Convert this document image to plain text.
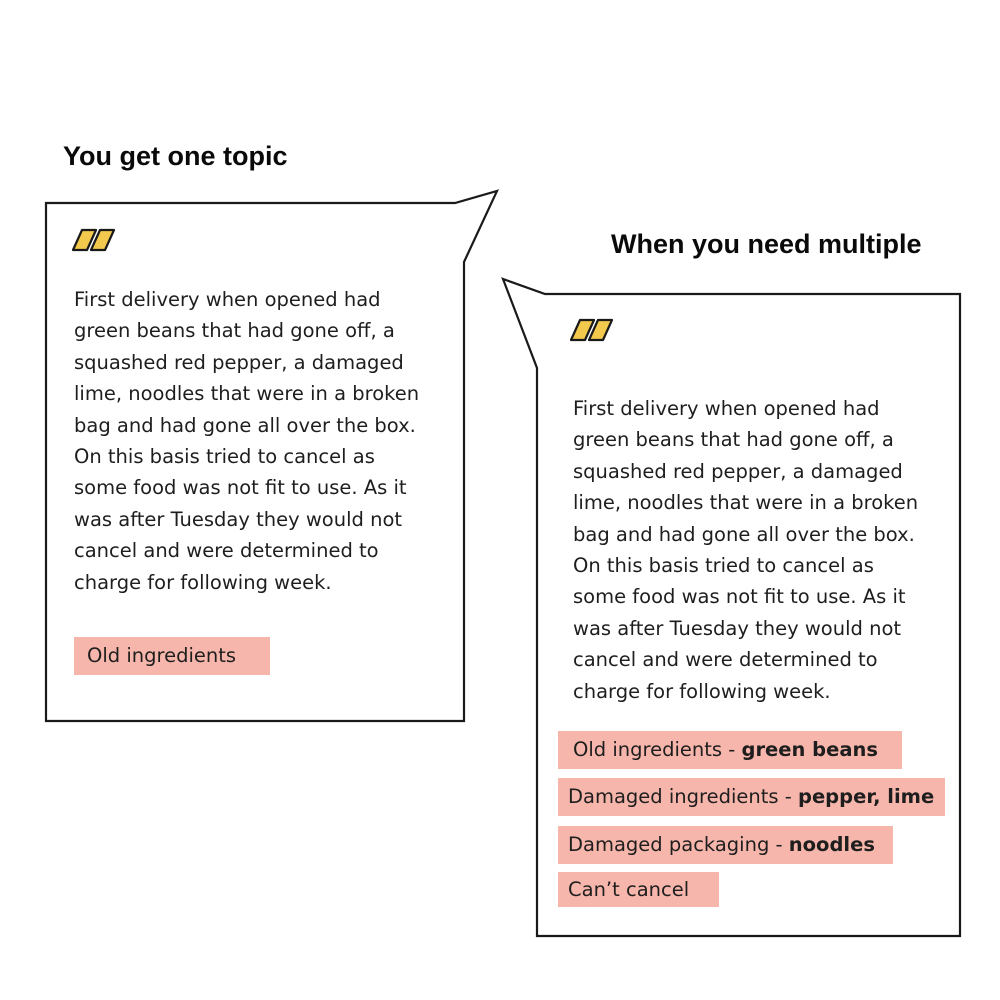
You get one topic
When you need multiple
First delivery when opened had
green beans that had gone off, a
squashed red pepper, a damaged
lime, noodles that were in a broken
bag and had gone all over the box.
On this basis tried to cancel as
some food was not fit to use. As it
was after Tuesday they would not
cancel and were determined to
charge for following week.
Old ingredients
First delivery when opened had
green beans that had gone off, a
squashed red pepper, a damaged
lime, noodles that were in a broken
bag and had gone all over the box.
On this basis tried to cancel as
some food was not fit to use. As it
was after Tuesday they would not
cancel and were determined to
charge for following week.
Old ingredients - green beans
Damaged ingredients - pepper, lime
Damaged packaging - noodles
Can’t cancel
